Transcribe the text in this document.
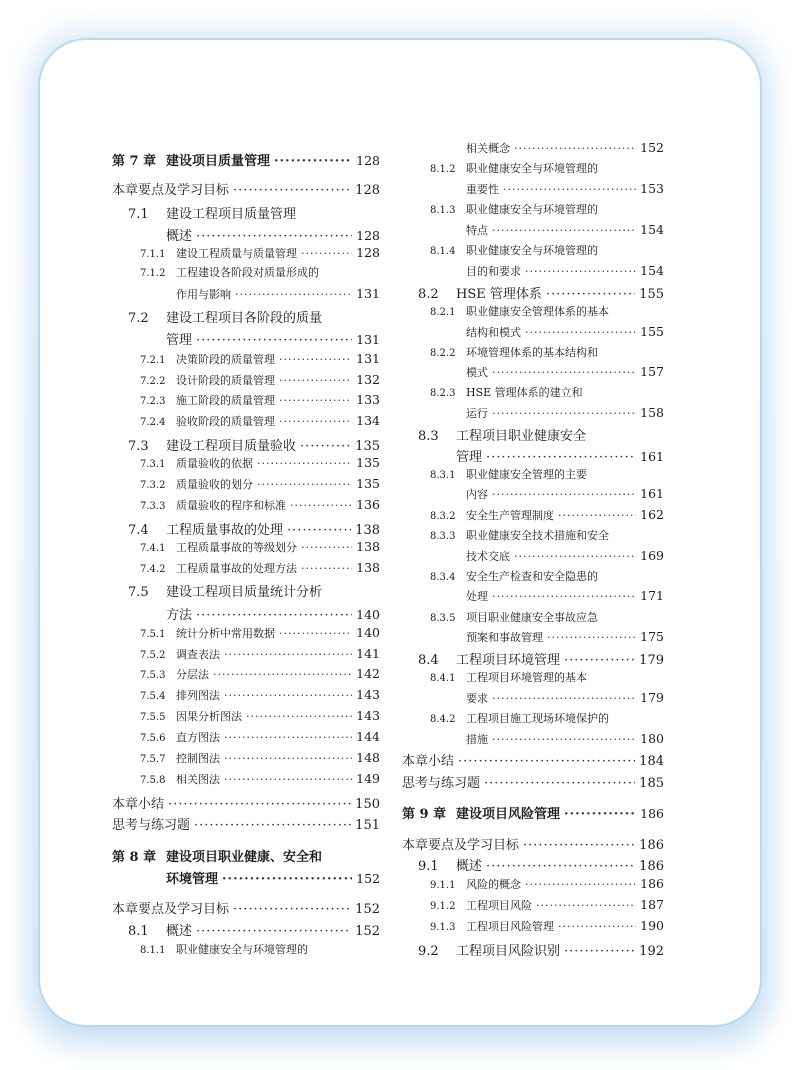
第 7 章 建设项目质量管理 ·····	128
本章要点及学习目标 ·····	128
7.1	建设工程项目质量管理
概述 ·····	128
7.1.1 建设工程质量与质量管理 ·····	128
7.1.2 工程建设各阶段对质量形成的
作用与影响 ·····	131
7.2	建设工程项目各阶段的质量
管理 ·····	131
7.2.1 决策阶段的质量管理 ·····	131
7.2.2 设计阶段的质量管理 ·····	132
7.2.3 施工阶段的质量管理 ·····	133
7.2.4 验收阶段的质量管理 ·····	134
7.3	建设工程项目质量验收 ·····	135
7.3.1 质量验收的依据 ·····	135
7.3.2 质量验收的划分 ·····	135
7.3.3 质量验收的程序和标准 ·····	136
7.4	工程质量事故的处理 ·····	138
7.4.1 工程质量事故的等级划分 ·····	138
7.4.2 工程质量事故的处理方法 ·····	138
7.5	建设工程项目质量统计分析
方法 ·····	140
7.5.1 统计分析中常用数据 ·····	140
7.5.2 调查表法 ·····	141
7.5.3 分层法 ·····	142
7.5.4 排列图法 ·····	143
7.5.5 因果分析图法 ·····	143
7.5.6 直方图法 ·····	144
7.5.7 控制图法 ·····	148
7.5.8 相关图法 ·····	149
本章小结 ·····	150
思考与练习题 ·····	151
第 8 章 建设项目职业健康、安全和
环境管理 ·····	152
本章要点及学习目标 ·····	152
8.1	概述 ·····	152
8.1.1 职业健康安全与环境管理的
相关概念 ·····	152
8.1.2 职业健康安全与环境管理的
重要性 ·····	153
8.1.3 职业健康安全与环境管理的
特点 ·····	154
8.1.4 职业健康安全与环境管理的
目的和要求 ·····	154
8.2	HSE 管理体系 ·····	155
8.2.1 职业健康安全管理体系的基本
结构和模式 ·····	155
8.2.2 环境管理体系的基本结构和
模式 ·····	157
8.2.3 HSE 管理体系的建立和
运行 ·····	158
8.3	工程项目职业健康安全
管理 ·····	161
8.3.1 职业健康安全管理的主要
内容 ·····	161
8.3.2 安全生产管理制度 ·····	162
8.3.3 职业健康安全技术措施和安全
技术交底 ·····	169
8.3.4 安全生产检查和安全隐患的
处理 ·····	171
8.3.5 项目职业健康安全事故应急
预案和事故管理 ·····	175
8.4	工程项目环境管理 ·····	179
8.4.1 工程项目环境管理的基本
要求 ·····	179
8.4.2 工程项目施工现场环境保护的
措施 ·····	180
本章小结 ·····	184
思考与练习题 ·····	185
第 9 章 建设项目风险管理 ·····	186
本章要点及学习目标 ·····	186
9.1	概述 ·····	186
9.1.1 风险的概念 ·····	186
9.1.2 工程项目风险 ·····	187
9.1.3 工程项目风险管理 ·····	190
9.2	工程项目风险识别 ·····	192
